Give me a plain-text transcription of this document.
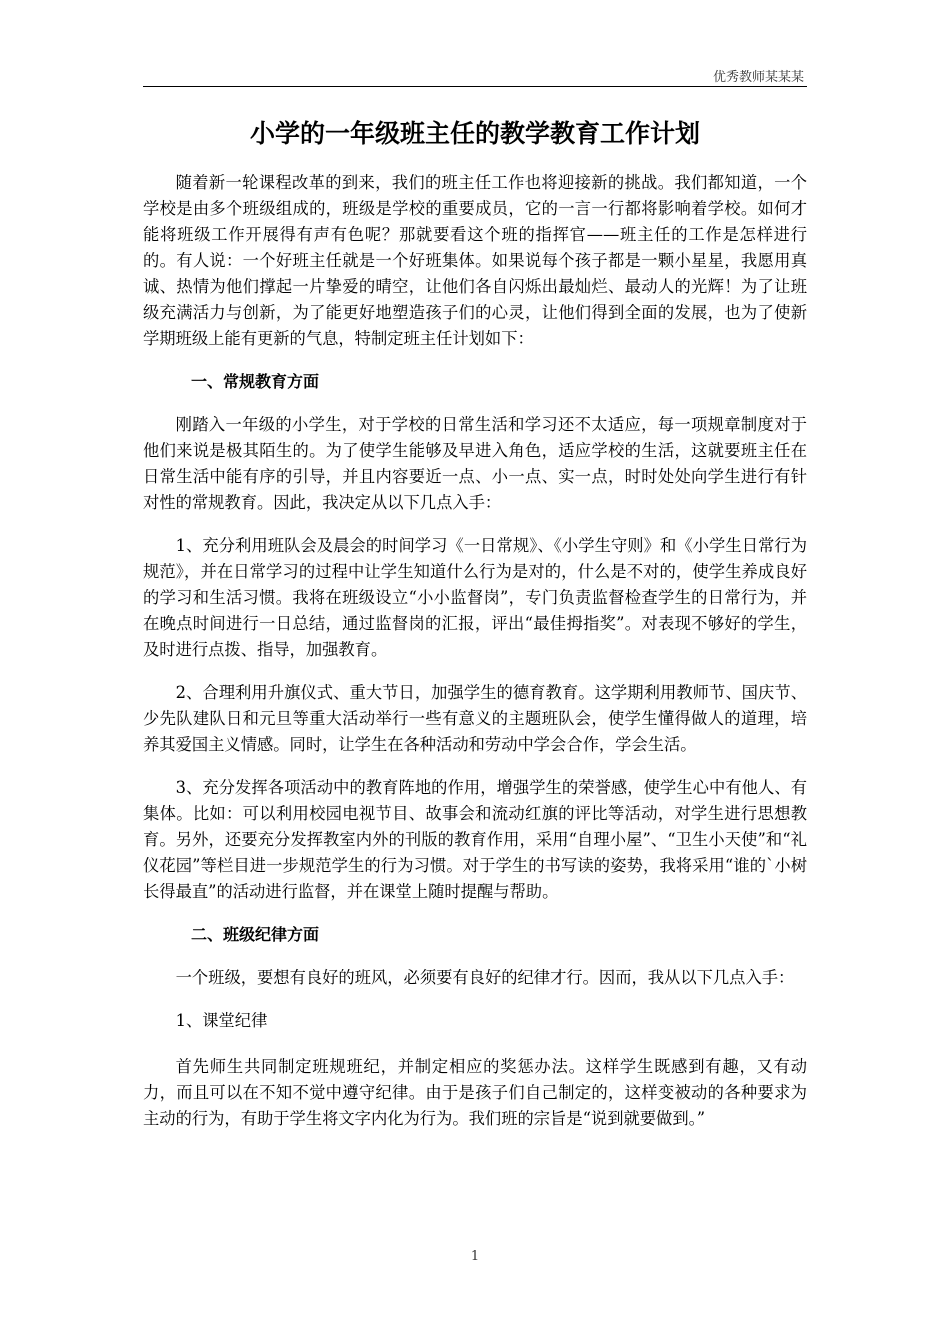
优秀教师某某某
小学的一年级班主任的教学教育工作计划

随着新一轮课程改革的到来，我们的班主任工作也将迎接新的挑战。我们都知道，一个学校是由多个班级组成的，班级是学校的重要成员，它的一言一行都将影响着学校。如何才能将班级工作开展得有声有色呢？那就要看这个班的指挥官——班主任的工作是怎样进行的。有人说：一个好班主任就是一个好班集体。如果说每个孩子都是一颗小星星，我愿用真诚、热情为他们撑起一片挚爱的晴空，让他们各自闪烁出最灿烂、最动人的光辉！为了让班级充满活力与创新，为了能更好地塑造孩子们的心灵，让他们得到全面的发展，也为了使新学期班级上能有更新的气息，特制定班主任计划如下：

一、常规教育方面

刚踏入一年级的小学生，对于学校的日常生活和学习还不太适应，每一项规章制度对于他们来说是极其陌生的。为了使学生能够及早进入角色，适应学校的生活，这就要班主任在日常生活中能有序的引导，并且内容要近一点、小一点、实一点，时时处处向学生进行有针对性的常规教育。因此，我决定从以下几点入手：

1、充分利用班队会及晨会的时间学习《一日常规》、《小学生守则》和《小学生日常行为规范》，并在日常学习的过程中让学生知道什么行为是对的，什么是不对的，使学生养成良好的学习和生活习惯。我将在班级设立“小小监督岗”，专门负责监督检查学生的日常行为，并在晚点时间进行一日总结，通过监督岗的汇报，评出“最佳拇指奖”。对表现不够好的学生，及时进行点拨、指导，加强教育。

2、合理利用升旗仪式、重大节日，加强学生的德育教育。这学期利用教师节、国庆节、少先队建队日和元旦等重大活动举行一些有意义的主题班队会，使学生懂得做人的道理，培养其爱国主义情感。同时，让学生在各种活动和劳动中学会合作，学会生活。

3、充分发挥各项活动中的教育阵地的作用，增强学生的荣誉感，使学生心中有他人、有集体。比如：可以利用校园电视节目、故事会和流动红旗的评比等活动，对学生进行思想教育。另外，还要充分发挥教室内外的刊版的教育作用，采用“自理小屋”、“卫生小天使”和“礼仪花园”等栏目进一步规范学生的行为习惯。对于学生的书写读的姿势，我将采用“谁的`小树长得最直”的活动进行监督，并在课堂上随时提醒与帮助。

二、班级纪律方面

一个班级，要想有良好的班风，必须要有良好的纪律才行。因而，我从以下几点入手：

1、课堂纪律

首先师生共同制定班规班纪，并制定相应的奖惩办法。这样学生既感到有趣，又有动力，而且可以在不知不觉中遵守纪律。由于是孩子们自己制定的，这样变被动的各种要求为主动的行为，有助于学生将文字内化为行为。我们班的宗旨是“说到就要做到。”

1
